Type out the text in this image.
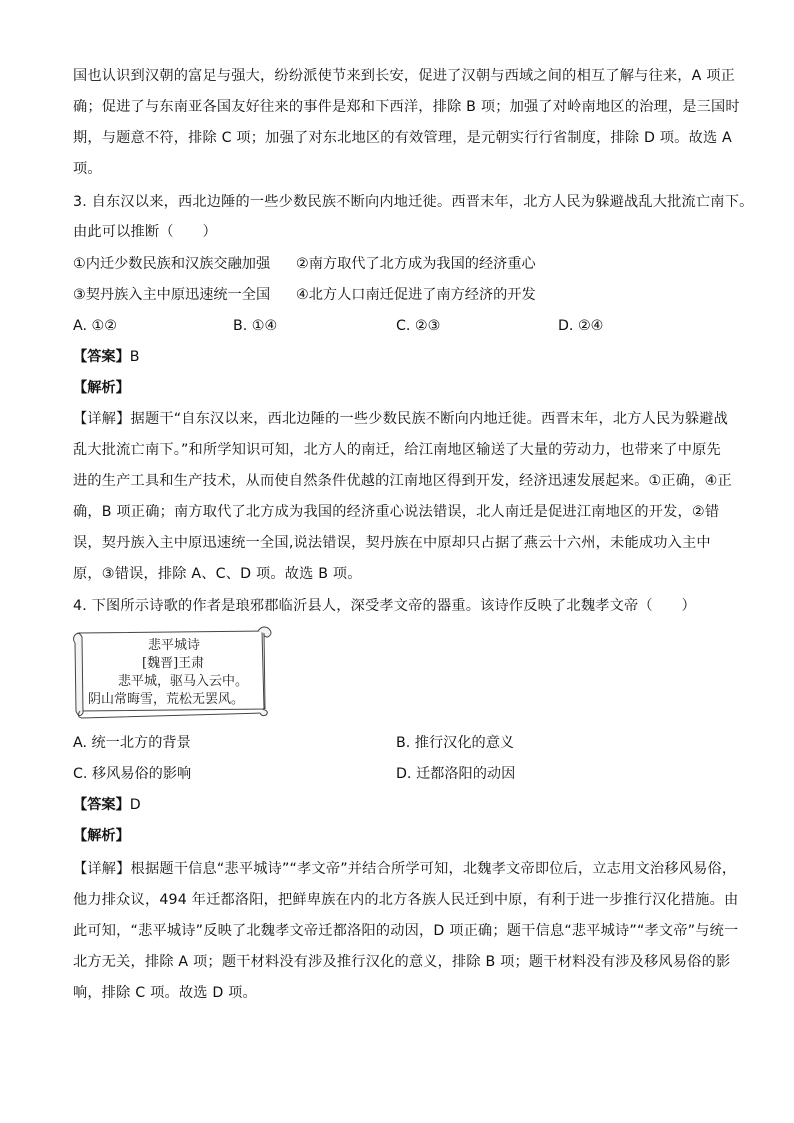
国也认识到汉朝的富足与强大，纷纷派使节来到长安，促进了汉朝与西域之间的相互了解与往来，A 项正
确；促进了与东南亚各国友好往来的事件是郑和下西洋，排除 B 项；加强了对岭南地区的治理，是三国时
期，与题意不符，排除 C 项；加强了对东北地区的有效管理，是元朝实行行省制度，排除 D 项。故选 A
项。
3. 自东汉以来，西北边陲的一些少数民族不断向内地迁徙。西晋末年，北方人民为躲避战乱大批流亡南下。
由此可以推断（　　）
①内迁少数民族和汉族交融加强 ②南方取代了北方成为我国的经济重心
③契丹族入主中原迅速统一全国 ④北方人口南迁促进了南方经济的开发
A. ①②	B. ①④	C. ②③	D. ②④
【答案】B
【解析】
【详解】据题干“自东汉以来，西北边陲的一些少数民族不断向内地迁徙。西晋末年，北方人民为躲避战
乱大批流亡南下。”和所学知识可知，北方人的南迁，给江南地区输送了大量的劳动力，也带来了中原先
进的生产工具和生产技术，从而使自然条件优越的江南地区得到开发，经济迅速发展起来。①正确，④正
确，B 项正确；南方取代了北方成为我国的经济重心说法错误，北人南迁是促进江南地区的开发，②错
误，契丹族入主中原迅速统一全国,说法错误，契丹族在中原却只占据了燕云十六州，未能成功入主中
原，③错误，排除 A、C、D 项。故选 B 项。
4. 下图所示诗歌的作者是琅邪郡临沂县人，深受孝文帝的器重。该诗作反映了北魏孝文帝（　　）
悲平城诗
[魏晋]王肃
悲平城，驱马入云中。
阴山常晦雪，荒松无罢风。
A. 统一北方的背景	B. 推行汉化的意义
C. 移风易俗的影响	D. 迁都洛阳的动因
【答案】D
【解析】
【详解】根据题干信息“悲平城诗”“孝文帝”并结合所学可知，北魏孝文帝即位后，立志用文治移风易俗，
他力排众议，494 年迁都洛阳，把鲜卑族在内的北方各族人民迁到中原，有利于进一步推行汉化措施。由
此可知，“悲平城诗”反映了北魏孝文帝迁都洛阳的动因，D 项正确；题干信息“悲平城诗”“孝文帝”与统一
北方无关，排除 A 项；题干材料没有涉及推行汉化的意义，排除 B 项；题干材料没有涉及移风易俗的影
响，排除 C 项。故选 D 项。
